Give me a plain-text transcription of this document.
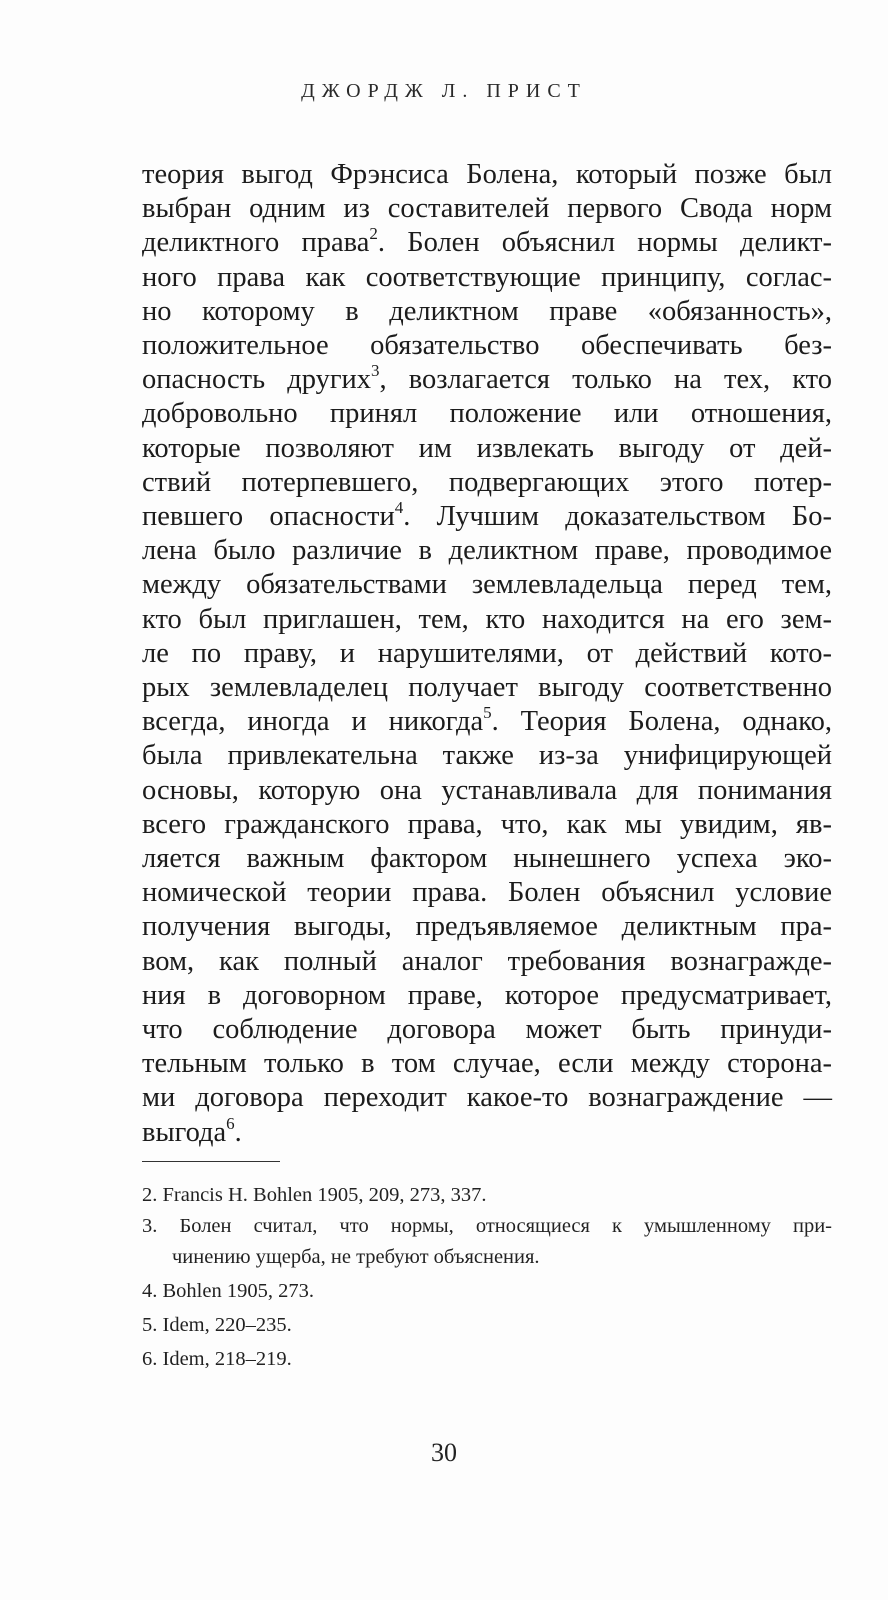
ДЖОРДЖ Л. ПРИСТ
теория выгод Фрэнсиса Болена, который позже был
выбран одним из составителей первого Свода норм
деликтного права$^2$. Болен объяснил нормы деликт-
ного права как соответствующие принципу, соглас-
но которому в деликтном праве «обязанность»,
положительное обязательство обеспечивать без-
опасность других$^3$, возлагается только на тех, кто
добровольно принял положение или отношения,
которые позволяют им извлекать выгоду от дей-
ствий потерпевшего, подвергающих этого потер-
певшего опасности$^4$. Лучшим доказательством Бо-
лена было различие в деликтном праве, проводимое
между обязательствами землевладельца перед тем,
кто был приглашен, тем, кто находится на его зем-
ле по праву, и нарушителями, от действий кото-
рых землевладелец получает выгоду соответственно
всегда, иногда и никогда$^5$. Теория Болена, однако,
была привлекательна также из-за унифицирующей
основы, которую она устанавливала для понимания
всего гражданского права, что, как мы увидим, яв-
ляется важным фактором нынешнего успеха эко-
номической теории права. Болен объяснил условие
получения выгоды, предъявляемое деликтным пра-
вом, как полный аналог требования вознагражде-
ния в договорном праве, которое предусматривает,
что соблюдение договора может быть принуди-
тельным только в том случае, если между сторона-
ми договора переходит какое-то вознаграждение —
выгода$^6$.
2. Francis H. Bohlen 1905, 209, 273, 337.
3. Болен считал, что нормы, относящиеся к умышленному при-
чинению ущерба, не требуют объяснения.
4. Bohlen 1905, 273.
5. Idem, 220–235.
6. Idem, 218–219.
30
